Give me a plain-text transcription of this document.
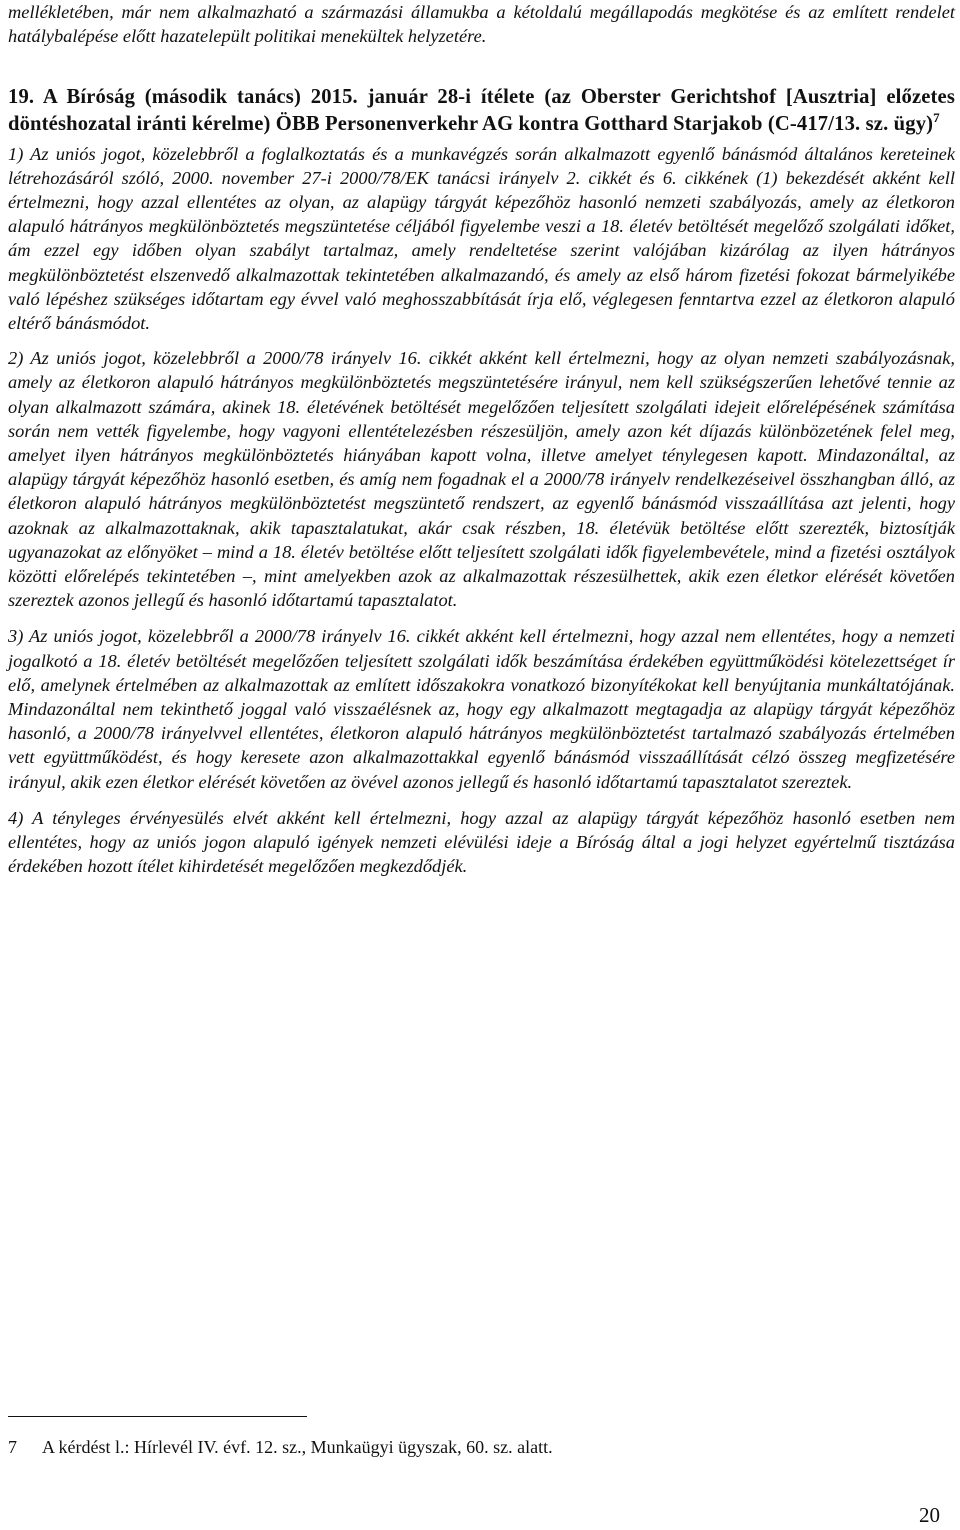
mellékletében, már nem alkalmazható a származási államukba a kétoldalú megállapodás megkötése és az említett rendelet hatálybalépése előtt hazatelepült politikai menekültek helyzetére.

19. A Bíróság (második tanács) 2015. január 28-i ítélete (az Oberster Gerichtshof [Ausztria] előzetes döntéshozatal iránti kérelme) ÖBB Personenverkehr AG kontra Gotthard Starjakob (C-417/13. sz. ügy)$^7$

1) Az uniós jogot, közelebbről a foglalkoztatás és a munkavégzés során alkalmazott egyenlő bánásmód általános kereteinek létrehozásáról szóló, 2000. november 27-i 2000/78/EK tanácsi irányelv 2. cikkét és 6. cikkének (1) bekezdését akként kell értelmezni, hogy azzal ellentétes az olyan, az alapügy tárgyát képezőhöz hasonló nemzeti szabályozás, amely az életkoron alapuló hátrányos megkülönböztetés megszüntetése céljából figyelembe veszi a 18. életév betöltését megelőző szolgálati időket, ám ezzel egy időben olyan szabályt tartalmaz, amely rendeltetése szerint valójában kizárólag az ilyen hátrányos megkülönböztetést elszenvedő alkalmazottak tekintetében alkalmazandó, és amely az első három fizetési fokozat bármelyikébe való lépéshez szükséges időtartam egy évvel való meghosszabbítását írja elő, véglegesen fenntartva ezzel az életkoron alapuló eltérő bánásmódot.

2) Az uniós jogot, közelebbről a 2000/78 irányelv 16. cikkét akként kell értelmezni, hogy az olyan nemzeti szabályozásnak, amely az életkoron alapuló hátrányos megkülönböztetés megszüntetésére irányul, nem kell szükségszerűen lehetővé tennie az olyan alkalmazott számára, akinek 18. életévének betöltését megelőzően teljesített szolgálati idejeit előrelépésének számítása során nem vették figyelembe, hogy vagyoni ellentételezésben részesüljön, amely azon két díjazás különbözetének felel meg, amelyet ilyen hátrányos megkülönböztetés hiányában kapott volna, illetve amelyet ténylegesen kapott. Mindazonáltal, az alapügy tárgyát képezőhöz hasonló esetben, és amíg nem fogadnak el a 2000/78 irányelv rendelkezéseivel összhangban álló, az életkoron alapuló hátrányos megkülönböztetést megszüntető rendszert, az egyenlő bánásmód visszaállítása azt jelenti, hogy azoknak az alkalmazottaknak, akik tapasztalatukat, akár csak részben, 18. életévük betöltése előtt szerezték, biztosítják ugyanazokat az előnyöket – mind a 18. életév betöltése előtt teljesített szolgálati idők figyelembevétele, mind a fizetési osztályok közötti előrelépés tekintetében –, mint amelyekben azok az alkalmazottak részesülhettek, akik ezen életkor elérését követően szereztek azonos jellegű és hasonló időtartamú tapasztalatot.

3) Az uniós jogot, közelebbről a 2000/78 irányelv 16. cikkét akként kell értelmezni, hogy azzal nem ellentétes, hogy a nemzeti jogalkotó a 18. életév betöltését megelőzően teljesített szolgálati idők beszámítása érdekében együttműködési kötelezettséget ír elő, amelynek értelmében az alkalmazottak az említett időszakokra vonatkozó bizonyítékokat kell benyújtania munkáltatójának. Mindazonáltal nem tekinthető joggal való visszaélésnek az, hogy egy alkalmazott megtagadja az alapügy tárgyát képezőhöz hasonló, a 2000/78 irányelvvel ellentétes, életkoron alapuló hátrányos megkülönböztetést tartalmazó szabályozás értelmében vett együttműködést, és hogy keresete azon alkalmazottakkal egyenlő bánásmód visszaállítását célzó összeg megfizetésére irányul, akik ezen életkor elérését követően az övével azonos jellegű és hasonló időtartamú tapasztalatot szereztek.

4) A tényleges érvényesülés elvét akként kell értelmezni, hogy azzal az alapügy tárgyát képezőhöz hasonló esetben nem ellentétes, hogy az uniós jogon alapuló igények nemzeti elévülési ideje a Bíróság által a jogi helyzet egyértelmű tisztázása érdekében hozott ítélet kihirdetését megelőzően megkezdődjék.

7 A kérdést l.: Hírlevél IV. évf. 12. sz., Munkaügyi ügyszak, 60. sz. alatt.
20
